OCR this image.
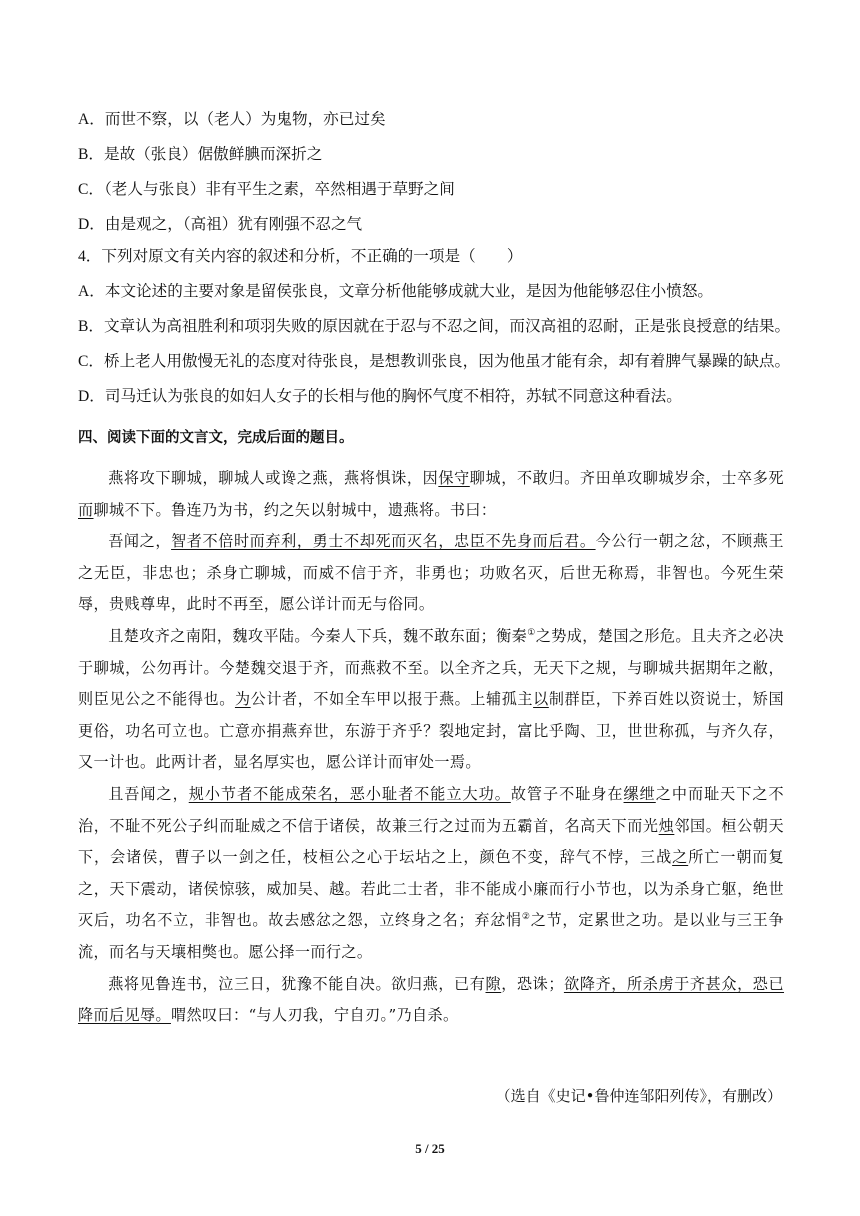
A．而世不察，以（老人）为鬼物，亦已过矣
B．是故（张良）倨傲鲜腆而深折之
C．（老人与张良）非有平生之素，卒然相遇于草野之间
D．由是观之，（高祖）犹有刚强不忍之气
4．下列对原文有关内容的叙述和分析，不正确的一项是（　　）
A．本文论述的主要对象是留侯张良，文章分析他能够成就大业，是因为他能够忍住小愤怒。
B．文章认为高祖胜利和项羽失败的原因就在于忍与不忍之间，而汉高祖的忍耐，正是张良授意的结果。
C．桥上老人用傲慢无礼的态度对待张良，是想教训张良，因为他虽才能有余，却有着脾气暴躁的缺点。
D．司马迁认为张良的如妇人女子的长相与他的胸怀气度不相符，苏轼不同意这种看法。
四、阅读下面的文言文，完成后面的题目。

燕将攻下聊城，聊城人或谗之燕，燕将惧诛，因保守聊城，不敢归。齐田单攻聊城岁余，士卒多死而聊城不下。鲁连乃为书，约之矢以射城中，遗燕将。书曰：

吾闻之，智者不倍时而弃利，勇士不却死而灭名，忠臣不先身而后君。今公行一朝之忿，不顾燕王之无臣，非忠也；杀身亡聊城，而威不信于齐，非勇也；功败名灭，后世无称焉，非智也。今死生荣辱，贵贱尊卑，此时不再至，愿公详计而无与俗同。

且楚攻齐之南阳，魏攻平陆。今秦人下兵，魏不敢东面；衡秦①之势成，楚国之形危。且夫齐之必决于聊城，公勿再计。今楚魏交退于齐，而燕救不至。以全齐之兵，无天下之规，与聊城共据期年之敝，则臣见公之不能得也。为公计者，不如全车甲以报于燕。上辅孤主以制群臣，下养百姓以资说士，矫国更俗，功名可立也。亡意亦捐燕弃世，东游于齐乎？裂地定封，富比乎陶、卫，世世称孤，与齐久存，又一计也。此两计者，显名厚实也，愿公详计而审处一焉。

且吾闻之，规小节者不能成荣名，恶小耻者不能立大功。故管子不耻身在缧绁之中而耻天下之不治，不耻不死公子纠而耻威之不信于诸侯，故兼三行之过而为五霸首，名高天下而光烛邻国。桓公朝天下，会诸侯，曹子以一剑之任，枝桓公之心于坛坫之上，颜色不变，辞气不悖，三战之所亡一朝而复之，天下震动，诸侯惊骇，威加吴、越。若此二士者，非不能成小廉而行小节也，以为杀身亡躯，绝世灭后，功名不立，非智也。故去感忿之怨，立终身之名；弃忿悁②之节，定累世之功。是以业与三王争流，而名与天壤相獘也。愿公择一而行之。

燕将见鲁连书，泣三日，犹豫不能自决。欲归燕，已有隙，恐诛；欲降齐，所杀虏于齐甚众，恐已降而后见辱。喟然叹曰：“与人刃我，宁自刃。”乃自杀。

（选自《史记•鲁仲连邹阳列传》，有删改）
5 / 25
